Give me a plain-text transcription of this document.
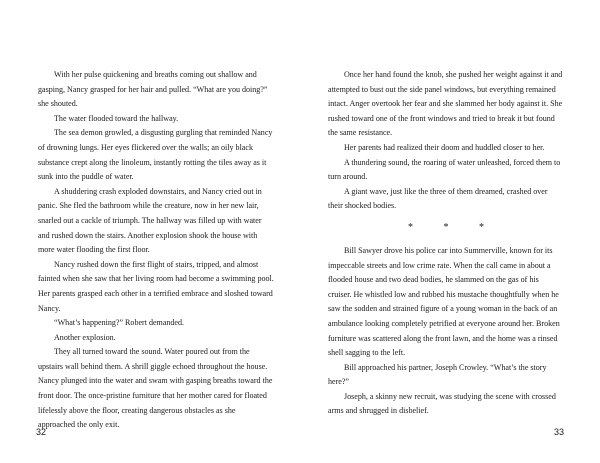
With her pulse quickening and breaths coming out shallow and gasping, Nancy grasped for her hair and pulled. “What are you doing?” she shouted.

The water flooded toward the hallway.

The sea demon growled, a disgusting gurgling that reminded Nancy of drowning lungs. Her eyes flickered over the walls; an oily black substance crept along the linoleum, instantly rotting the tiles away as it sunk into the puddle of water.

A shuddering crash exploded downstairs, and Nancy cried out in panic. She fled the bathroom while the creature, now in her new lair, snarled out a cackle of triumph. The hallway was filled up with water and rushed down the stairs. Another explosion shook the house with more water flooding the first floor.

Nancy rushed down the first flight of stairs, tripped, and almost fainted when she saw that her living room had become a swimming pool. Her parents grasped each other in a terrified embrace and sloshed toward Nancy.

“What’s happening?” Robert demanded.

Another explosion.

They all turned toward the sound. Water poured out from the upstairs wall behind them. A shrill giggle echoed throughout the house. Nancy plunged into the water and swam with gasping breaths toward the front door. The once-pristine furniture that her mother cared for floated lifelessly above the floor, creating dangerous obstacles as she approached the only exit.

32

Once her hand found the knob, she pushed her weight against it and attempted to bust out the side panel windows, but everything remained intact. Anger overtook her fear and she slammed her body against it. She rushed toward one of the front windows and tried to break it but found the same resistance.

Her parents had realized their doom and huddled closer to her.

A thundering sound, the roaring of water unleashed, forced them to turn around.

A giant wave, just like the three of them dreamed, crashed over their shocked bodies.

*	*	*

Bill Sawyer drove his police car into Summerville, known for its impeccable streets and low crime rate. When the call came in about a flooded house and two dead bodies, he slammed on the gas of his cruiser. He whistled low and rubbed his mustache thoughtfully when he saw the sodden and strained figure of a young woman in the back of an ambulance looking completely petrified at everyone around her. Broken furniture was scattered along the front lawn, and the home was a rinsed shell sagging to the left.

Bill approached his partner, Joseph Crowley. “What’s the story here?”

Joseph, a skinny new recruit, was studying the scene with crossed arms and shrugged in disbelief.

33
